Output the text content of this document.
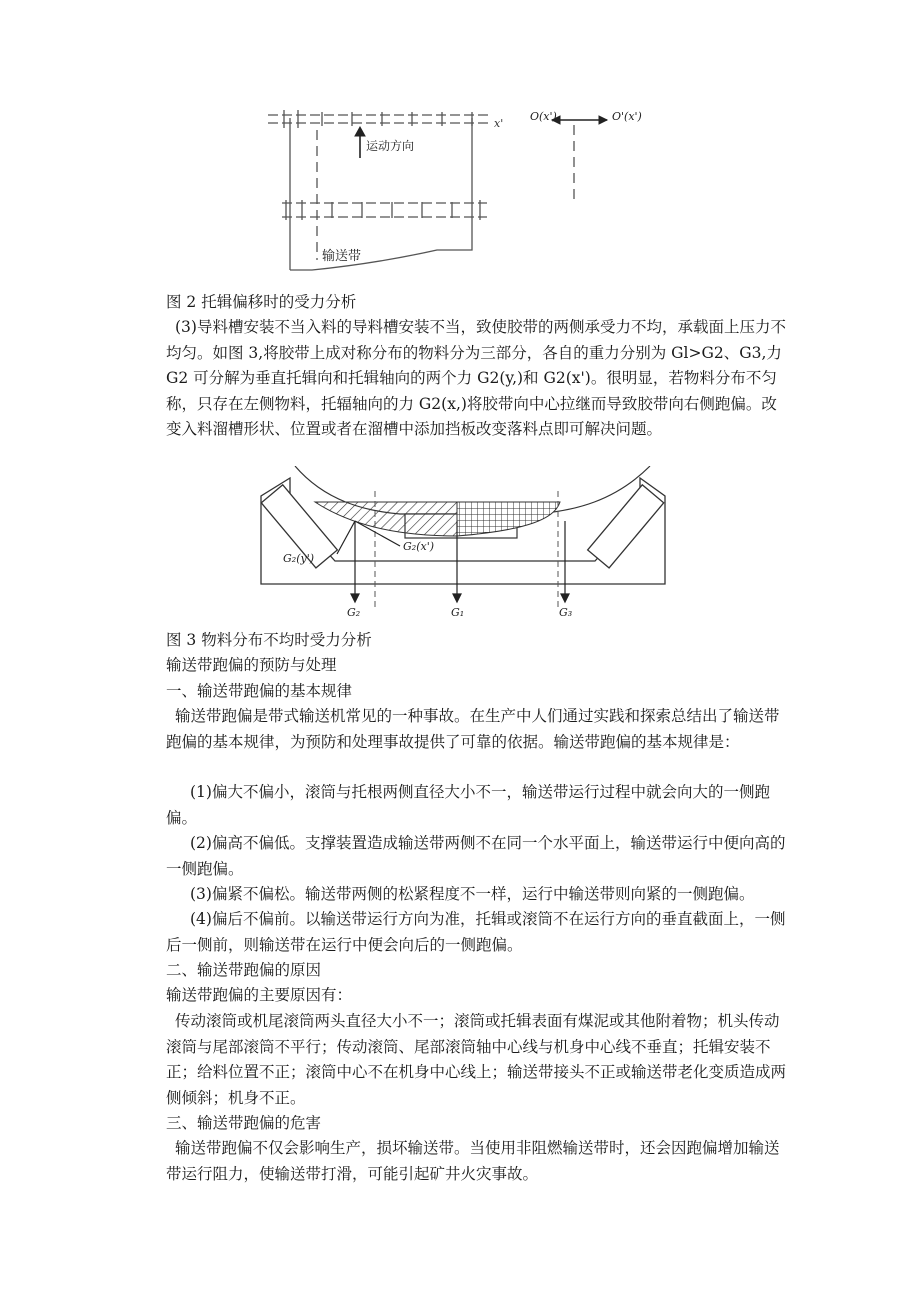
x'
运动方向
输送带
O(x')	O'(x')

图 2 托辑偏移时的受力分析

(3)导料槽安装不当入料的导料槽安装不当，致使胶带的两侧承受力不均，承载面上压力不均匀。如图 3,将胶带上成对称分布的物料分为三部分，各自的重力分别为 Gl>G2、G3,力 G2 可分解为垂直托辑向和托辑轴向的两个力 G2(y,)和 G2(x')。很明显，若物料分布不匀称，只存在左侧物料，托辐轴向的力 G2(x,)将胶带向中心拉继而导致胶带向右侧跑偏。改变入料溜槽形状、位置或者在溜槽中添加挡板改变落料点即可解决问题。

G₂(y')
G₂(x')
G₂	G₁	G₃

图 3 物料分布不均时受力分析

输送带跑偏的预防与处理

一、输送带跑偏的基本规律

输送带跑偏是带式输送机常见的一种事故。在生产中人们通过实践和探索总结出了输送带跑偏的基本规律，为预防和处理事故提供了可靠的依据。输送带跑偏的基本规律是：

(1)偏大不偏小，滚筒与托根两侧直径大小不一，输送带运行过程中就会向大的一侧跑偏。

(2)偏高不偏低。支撑装置造成输送带两侧不在同一个水平面上，输送带运行中便向高的一侧跑偏。

(3)偏紧不偏松。输送带两侧的松紧程度不一样，运行中输送带则向紧的一侧跑偏。

(4)偏后不偏前。以输送带运行方向为准，托辑或滚筒不在运行方向的垂直截面上，一侧后一侧前，则输送带在运行中便会向后的一侧跑偏。

二、输送带跑偏的原因

输送带跑偏的主要原因有：

传动滚筒或机尾滚筒两头直径大小不一；滚筒或托辑表面有煤泥或其他附着物；机头传动滚筒与尾部滚筒不平行；传动滚筒、尾部滚筒轴中心线与机身中心线不垂直；托辑安装不正；给料位置不正；滚筒中心不在机身中心线上；输送带接头不正或输送带老化变质造成两侧倾斜；机身不正。

三、输送带跑偏的危害

输送带跑偏不仅会影响生产，损坏输送带。当使用非阻燃输送带时，还会因跑偏增加输送带运行阻力，使输送带打滑，可能引起矿井火灾事故。
